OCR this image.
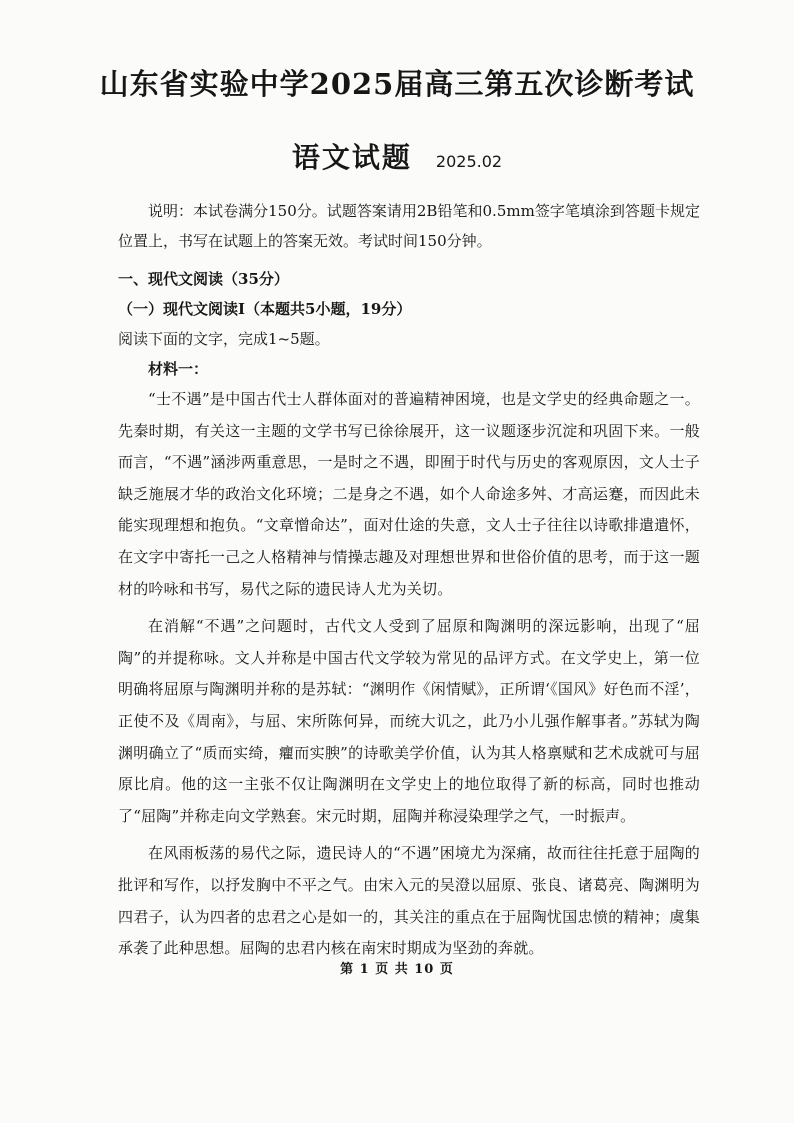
山东省实验中学2025届高三第五次诊断考试
语文试题 2025.02

说明：本试卷满分150分。试题答案请用2B铅笔和0.5mm签字笔填涂到答题卡规定位置上，书写在试题上的答案无效。考试时间150分钟。

一、现代文阅读（35分）

（一）现代文阅读Ⅰ（本题共5小题，19分）

阅读下面的文字，完成1~5题。

材料一：

“士不遇”是中国古代士人群体面对的普遍精神困境，也是文学史的经典命题之一。先秦时期，有关这一主题的文学书写已徐徐展开，这一议题逐步沉淀和巩固下来。一般而言，“不遇”涵涉两重意思，一是时之不遇，即囿于时代与历史的客观原因，文人士子缺乏施展才华的政治文化环境；二是身之不遇，如个人命途多舛、才高运蹇，而因此未能实现理想和抱负。“文章憎命达”，面对仕途的失意，文人士子往往以诗歌排遣遣怀，在文字中寄托一己之人格精神与情操志趣及对理想世界和世俗价值的思考，而于这一题材的吟咏和书写，易代之际的遗民诗人尤为关切。

在消解“不遇”之问题时，古代文人受到了屈原和陶渊明的深远影响，出现了“屈陶”的并提称咏。文人并称是中国古代文学较为常见的品评方式。在文学史上，第一位明确将屈原与陶渊明并称的是苏轼：“渊明作《闲情赋》，正所谓‘《国风》好色而不淫’，正使不及《周南》，与屈、宋所陈何异，而统大讥之，此乃小儿强作解事者。”苏轼为陶渊明确立了“质而实绮，癯而实腴”的诗歌美学价值，认为其人格禀赋和艺术成就可与屈原比肩。他的这一主张不仅让陶渊明在文学史上的地位取得了新的标高，同时也推动了“屈陶”并称走向文学熟套。宋元时期，屈陶并称浸染理学之气，一时振声。

在风雨板荡的易代之际，遗民诗人的“不遇”困境尤为深痛，故而往往托意于屈陶的批评和写作，以抒发胸中不平之气。由宋入元的吴澄以屈原、张良、诸葛亮、陶渊明为四君子，认为四者的忠君之心是如一的，其关注的重点在于屈陶忧国忠愤的精神；虞集承袭了此种思想。屈陶的忠君内核在南宋时期成为坚劲的奔就。

第 1 页 共 10 页
